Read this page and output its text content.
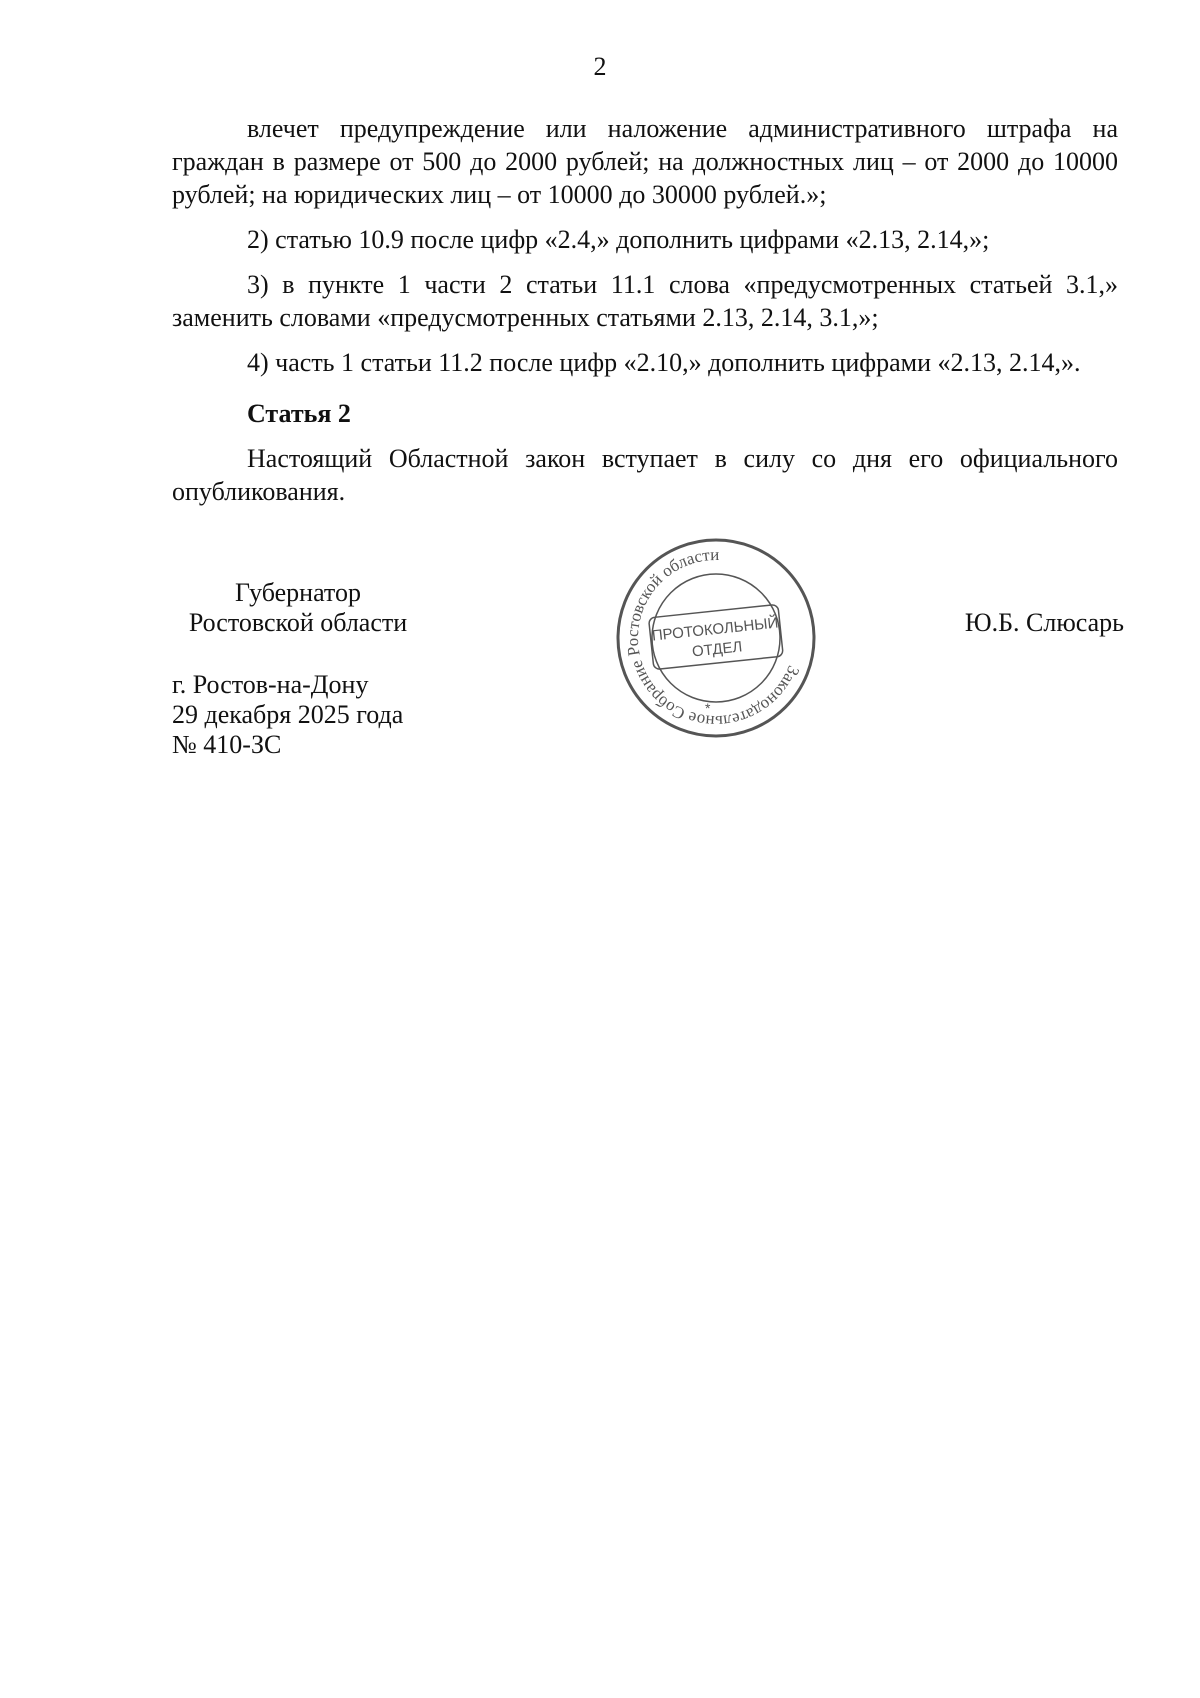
2

влечет предупреждение или наложение административного штрафа на граждан в размере от 500 до 2000 рублей; на должностных лиц – от 2000 до 10000 рублей; на юридических лиц – от 10000 до 30000 рублей.»;

2) статью 10.9 после цифр «2.4,» дополнить цифрами «2.13, 2.14,»;

3) в пункте 1 части 2 статьи 11.1 слова «предусмотренных статьей 3.1,» заменить словами «предусмотренных статьями 2.13, 2.14, 3.1,»;

4) часть 1 статьи 11.2 после цифр «2.10,» дополнить цифрами «2.13, 2.14,».

Статья 2

Настоящий Областной закон вступает в силу со дня его официального опубликования.

Губернатор
Ростовской области	Ю.Б. Слюсарь
г. Ростов-на-Дону
29 декабря 2025 года
№ 410-ЗС
Законодательное Собрание Ростовской области
ПРОТОКОЛЬНЫЙ
ОТДЕЛ
*
